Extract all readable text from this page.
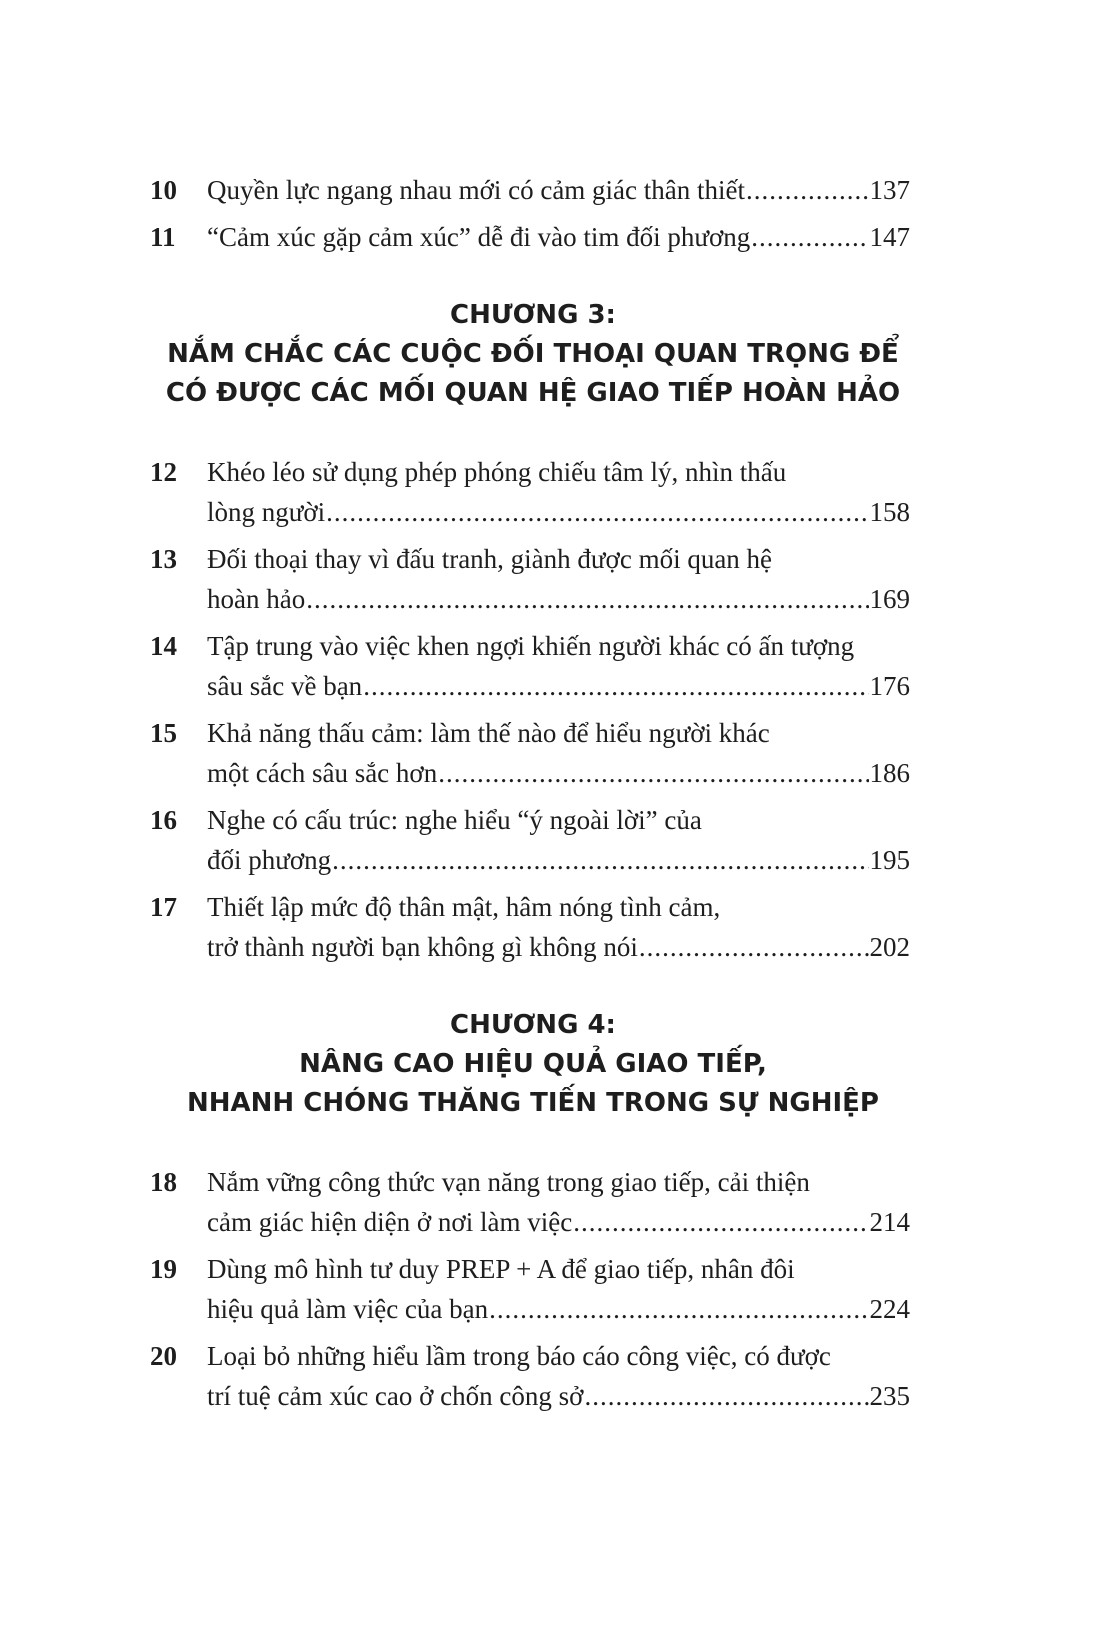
10	Quyền lực ngang nhau mới có cảm giác thân thiết .....	137
11	“Cảm xúc gặp cảm xúc” dễ đi vào tim đối phương .....	147
CHƯƠNG 3:
NẮM CHẮC CÁC CUỘC ĐỐI THOẠI QUAN TRỌNG ĐỂ
CÓ ĐƯỢC CÁC MỐI QUAN HỆ GIAO TIẾP HOÀN HẢO
12	Khéo léo sử dụng phép phóng chiếu tâm lý, nhìn thấu
lòng người .....	158
13	Đối thoại thay vì đấu tranh, giành được mối quan hệ
hoàn hảo .....	169
14	Tập trung vào việc khen ngợi khiến người khác có ấn tượng
sâu sắc về bạn .....	176
15	Khả năng thấu cảm: làm thế nào để hiểu người khác
một cách sâu sắc hơn .....	186
16	Nghe có cấu trúc: nghe hiểu “ý ngoài lời” của
đối phương .....	195
17	Thiết lập mức độ thân mật, hâm nóng tình cảm,
trở thành người bạn không gì không nói .....	202
CHƯƠNG 4:
NÂNG CAO HIỆU QUẢ GIAO TIẾP,
NHANH CHÓNG THĂNG TIẾN TRONG SỰ NGHIỆP
18	Nắm vững công thức vạn năng trong giao tiếp, cải thiện
cảm giác hiện diện ở nơi làm việc .....	214
19	Dùng mô hình tư duy PREP + A để giao tiếp, nhân đôi
hiệu quả làm việc của bạn .....	224
20	Loại bỏ những hiểu lầm trong báo cáo công việc, có được
trí tuệ cảm xúc cao ở chốn công sở .....	235
